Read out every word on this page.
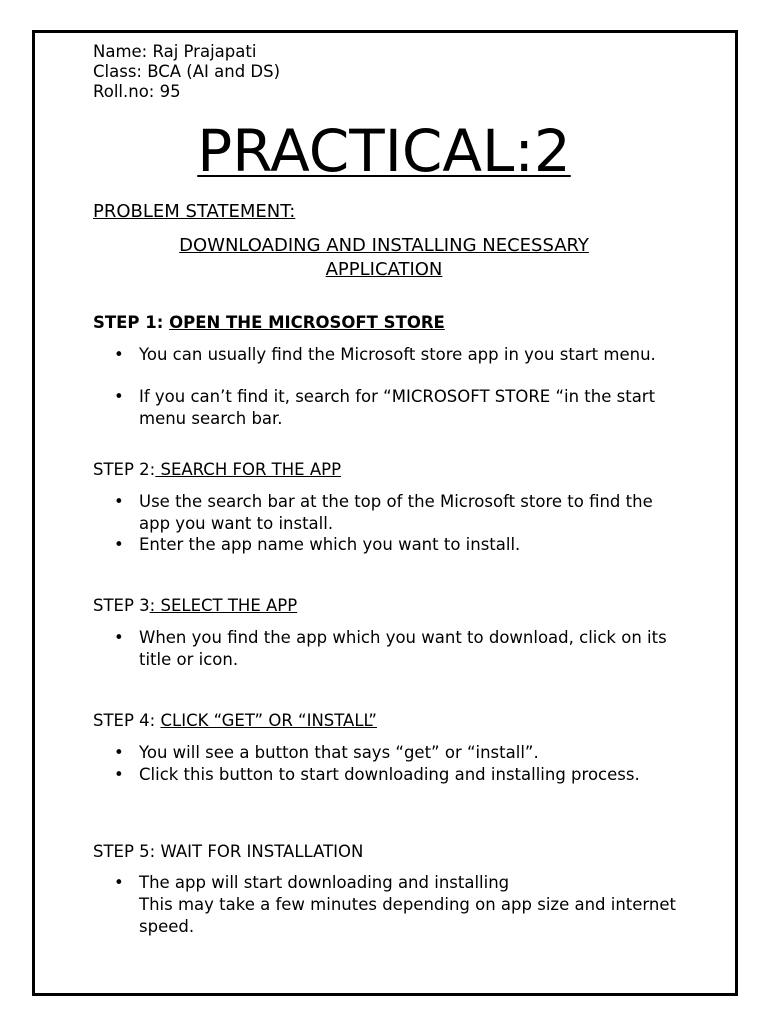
Name: Raj Prajapati
Class: BCA (AI and DS)
Roll.no: 95
PRACTICAL:2
PROBLEM STATEMENT:
DOWNLOADING AND INSTALLING NECESSARY
APPLICATION
STEP 1: OPEN THE MICROSOFT STORE
• You can usually find the Microsoft store app in you start menu.
• If you can’t find it, search for “MICROSOFT STORE “in the start menu search bar.
STEP 2: SEARCH FOR THE APP
• Use the search bar at the top of the Microsoft store to find the app you want to install.
• Enter the app name which you want to install.
STEP 3: SELECT THE APP
• When you find the app which you want to download, click on its title or icon.
STEP 4: CLICK “GET” OR “INSTALL”
• You will see a button that says “get” or “install”.
• Click this button to start downloading and installing process.
STEP 5: WAIT FOR INSTALLATION
• The app will start downloading and installing
This may take a few minutes depending on app size and internet speed.
